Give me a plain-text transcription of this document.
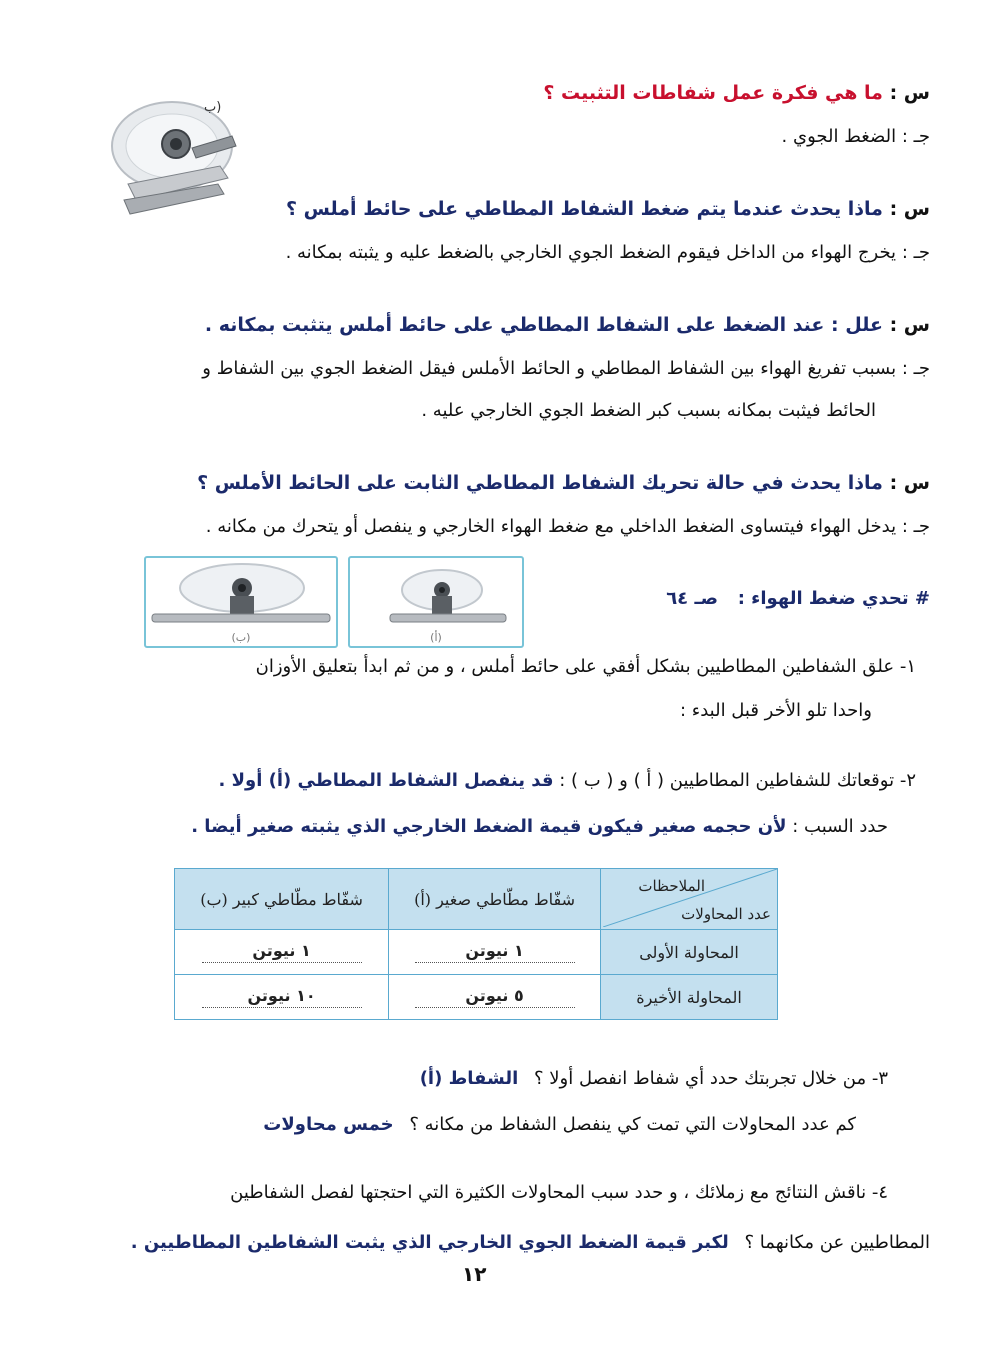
س : ما هي فكرة عمل شفاطات التثبيت ؟
جـ : الضغط الجوي .
(ب
س : ماذا يحدث عندما يتم ضغط الشفاط المطاطي على حائط أملس ؟
جـ : يخرج الهواء من الداخل فيقوم الضغط الجوي الخارجي بالضغط عليه و يثبته بمكانه .
س : علل : عند الضغط على الشفاط المطاطي على حائط أملس يتثبت بمكانه .
جـ : بسبب تفريغ الهواء بين الشفاط المطاطي و الحائط الأملس فيقل الضغط الجوي بين الشفاط و
الحائط فيثبت بمكانه بسبب كبر الضغط الجوي الخارجي عليه .
س : ماذا يحدث في حالة تحريك الشفاط المطاطي الثابت على الحائط الأملس ؟
جـ : يدخل الهواء فيتساوى الضغط الداخلي مع ضغط الهواء الخارجي و ينفصل أو يتحرك من مكانه .
# تحدي ضغط الهواء : صـ ٦٤
(ب)	(أ)
١- علق الشفاطين المطاطيين بشكل أفقي على حائط أملس ، و من ثم ابدأ بتعليق الأوزان
واحدا تلو الأخر قبل البدء :
٢- توقعاتك للشفاطين المطاطيين ( أ ) و ( ب ) : قد ينفصل الشفاط المطاطي (أ) أولا .
حدد السبب : لأن حجمه صغير فيكون قيمة الضغط الخارجي الذي يثبته صغير أيضا .
الملاحظات
عدد المحاولات	شفّاط مطّاطي صغير (أ)	شفّاط مطّاطي كبير (ب)
المحاولة الأولى	١ نيوتن	١ نيوتن
المحاولة الأخيرة	٥ نيوتن	١٠ نيوتن
٣- من خلال تجربتك حدد أي شفاط انفصل أولا ؟ الشفاط (أ)
كم عدد المحاولات التي تمت كي ينفصل الشفاط من مكانه ؟ خمس محاولات
٤- ناقش النتائج مع زملائك ، و حدد سبب المحاولات الكثيرة التي احتجتها لفصل الشفاطين
المطاطيين عن مكانهما ؟ لكبر قيمة الضغط الجوي الخارجي الذي يثبت الشفاطين المطاطيين .
١٢
